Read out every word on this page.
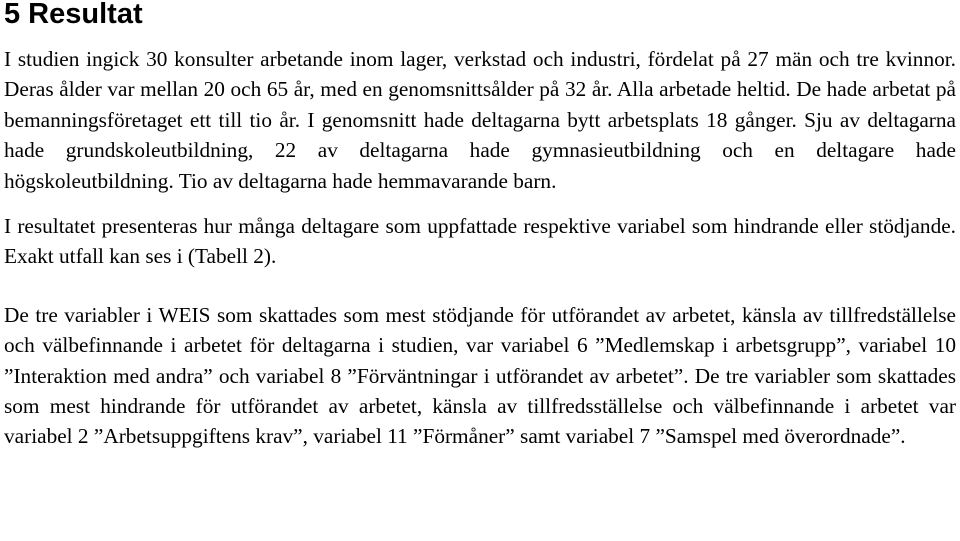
5 Resultat

I studien ingick 30 konsulter arbetande inom lager, verkstad och industri, fördelat på 27 män och tre kvinnor. Deras ålder var mellan 20 och 65 år, med en genomsnittsålder på 32 år. Alla arbetade heltid. De hade arbetat på bemanningsföretaget ett till tio år. I genomsnitt hade deltagarna bytt arbetsplats 18 gånger. Sju av deltagarna hade grundskoleutbildning, 22 av deltagarna hade gymnasieutbildning och en deltagare hade högskoleutbildning. Tio av deltagarna hade hemmavarande barn.

I resultatet presenteras hur många deltagare som uppfattade respektive variabel som hindrande eller stödjande. Exakt utfall kan ses i (Tabell 2).

De tre variabler i WEIS som skattades som mest stödjande för utförandet av arbetet, känsla av tillfredställelse och välbefinnande i arbetet för deltagarna i studien, var variabel 6 ”Medlemskap i arbetsgrupp”, variabel 10 ”Interaktion med andra” och variabel 8 ”Förväntningar i utförandet av arbetet”. De tre variabler som skattades som mest hindrande för utförandet av arbetet, känsla av tillfredsställelse och välbefinnande i arbetet var variabel 2 ”Arbetsuppgiftens krav”, variabel 11 ”Förmåner” samt variabel 7 ”Samspel med överordnade”.
